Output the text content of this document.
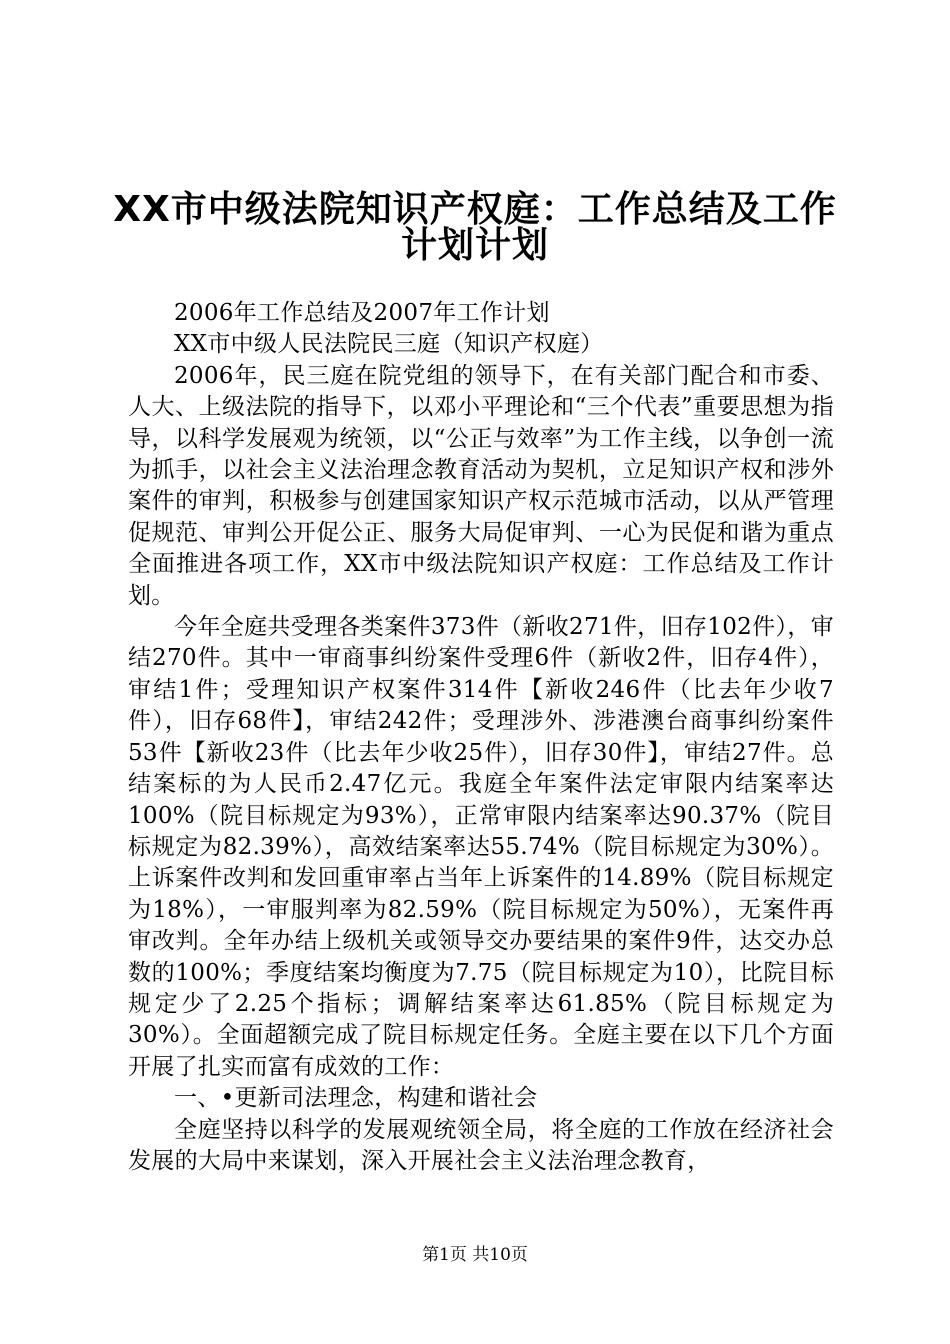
XX市中级法院知识产权庭：工作总结及工作
计划计划

2006年工作总结及2007年工作计划

XX市中级人民法院民三庭（知识产权庭）

2006年，民三庭在院党组的领导下，在有关部门配合和市委、人大、上级法院的指导下，以邓小平理论和“三个代表”重要思想为指导，以科学发展观为统领，以“公正与效率”为工作主线，以争创一流为抓手，以社会主义法治理念教育活动为契机，立足知识产权和涉外案件的审判，积极参与创建国家知识产权示范城市活动，以从严管理促规范、审判公开促公正、服务大局促审判、一心为民促和谐为重点全面推进各项工作，XX市中级法院知识产权庭：工作总结及工作计划。

今年全庭共受理各类案件373件（新收271件，旧存102件），审结270件。其中一审商事纠纷案件受理6件（新收2件，旧存4件），审结1件；受理知识产权案件314件【新收246件（比去年少收7件），旧存68件】，审结242件；受理涉外、涉港澳台商事纠纷案件53件【新收23件（比去年少收25件），旧存30件】，审结27件。总结案标的为人民币2.47亿元。我庭全年案件法定审限内结案率达100%（院目标规定为93%），正常审限内结案率达90.37%（院目标规定为82.39%），高效结案率达55.74%（院目标规定为30%）。上诉案件改判和发回重审率占当年上诉案件的14.89%（院目标规定为18%），一审服判率为82.59%（院目标规定为50%），无案件再审改判。全年办结上级机关或领导交办要结果的案件9件，达交办总数的100%；季度结案均衡度为7.75（院目标规定为10），比院目标规定少了2.25个指标；调解结案率达61.85%（院目标规定为30%）。全面超额完成了院目标规定任务。全庭主要在以下几个方面开展了扎实而富有成效的工作：

一、•更新司法理念，构建和谐社会

全庭坚持以科学的发展观统领全局，将全庭的工作放在经济社会发展的大局中来谋划，深入开展社会主义法治理念教育，

第1页 共10页
